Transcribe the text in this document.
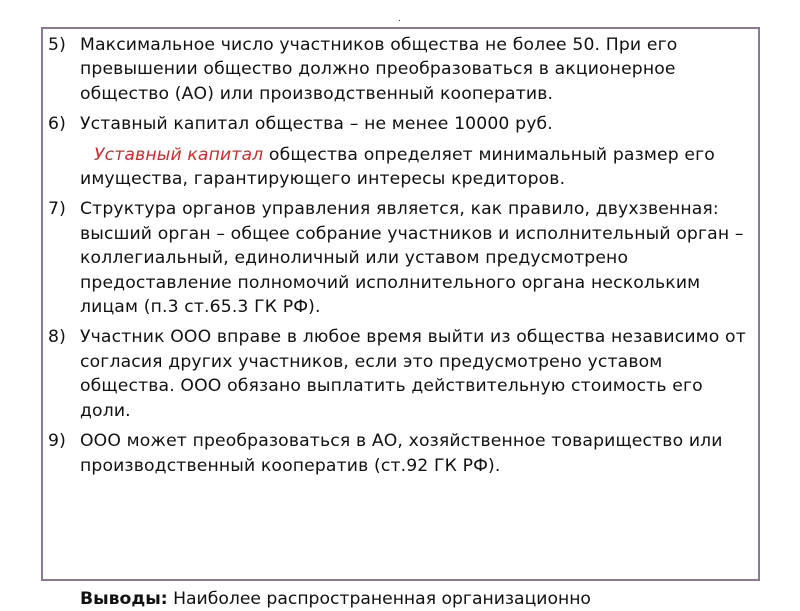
.
5) Максимальное число участников общества не более 50. При его превышении общество должно преобразоваться в акционерное общество (АО) или производственный кооператив.
6) Уставный капитал общества – не менее 10000 руб.
Уставный капитал общества определяет минимальный размер его имущества, гарантирующего интересы кредиторов.
7) Структура органов управления является, как правило, двухзвенная: высший орган – общее собрание участников и исполнительный орган – коллегиальный, единоличный или уставом предусмотрено предоставление полномочий исполнительного органа нескольким лицам (п.3 ст.65.3 ГК РФ).
8) Участник ООО вправе в любое время выйти из общества независимо от согласия других участников, если это предусмотрено уставом общества. ООО обязано выплатить действительную стоимость его доли.
9) ООО может преобразоваться в АО, хозяйственное товарищество или производственный кооператив (ст.92 ГК РФ).
Выводы: Наиболее распространенная организационно
